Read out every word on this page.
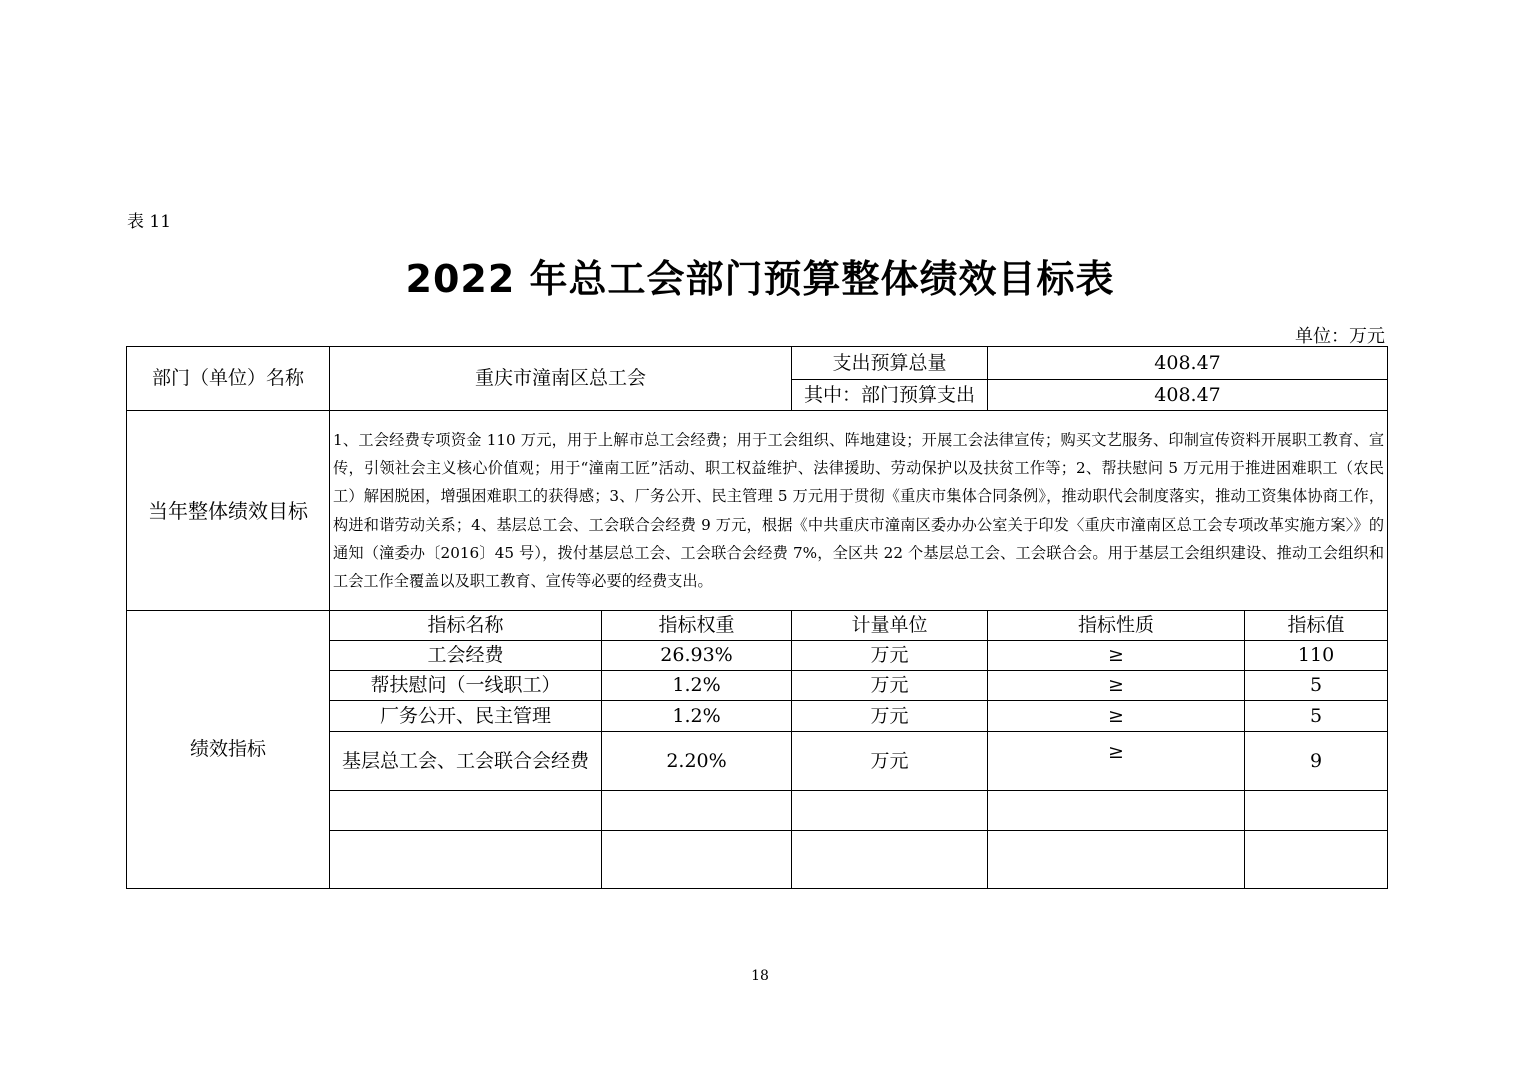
表 11
2022 年总工会部门预算整体绩效目标表
单位：万元
部门（单位）名称	重庆市潼南区总工会		支出预算总量	408.47	
			其中：部门预算支出	408.47	
当年整体绩效目标	1、工会经费专项资金 110 万元，用于上解市总工会经费；用于工会组织、阵地建设；开展工会法律宣传；购买文艺服务、印制宣传资料开展职工教育、宣传，引领社会主义核心价值观；用于“潼南工匠”活动、职工权益维护、法律援助、劳动保护以及扶贫工作等；2、帮扶慰问 5 万元用于推进困难职工（农民工）解困脱困，增强困难职工的获得感；3、厂务公开、民主管理 5 万元用于贯彻《重庆市集体合同条例》，推动职代会制度落实，推动工资集体协商工作，构进和谐劳动关系；4、基层总工会、工会联合会经费 9 万元，根据《中共重庆市潼南区委办办公室关于印发〈重庆市潼南区总工会专项改革实施方案〉》的通知（潼委办〔2016〕45 号），拨付基层总工会、工会联合会经费 7%，全区共 22 个基层总工会、工会联合会。用于基层工会组织建设、推动工会组织和工会工作全覆盖以及职工教育、宣传等必要的经费支出。				
绩效指标	指标名称	指标权重	计量单位	指标性质	指标值
	工会经费	26.93%	万元	≥	110
	帮扶慰问（一线职工）	1.2%	万元	≥	5
	厂务公开、民主管理	1.2%	万元	≥	5
	基层总工会、工会联合会经费	2.20%	万元	≥	9

18
